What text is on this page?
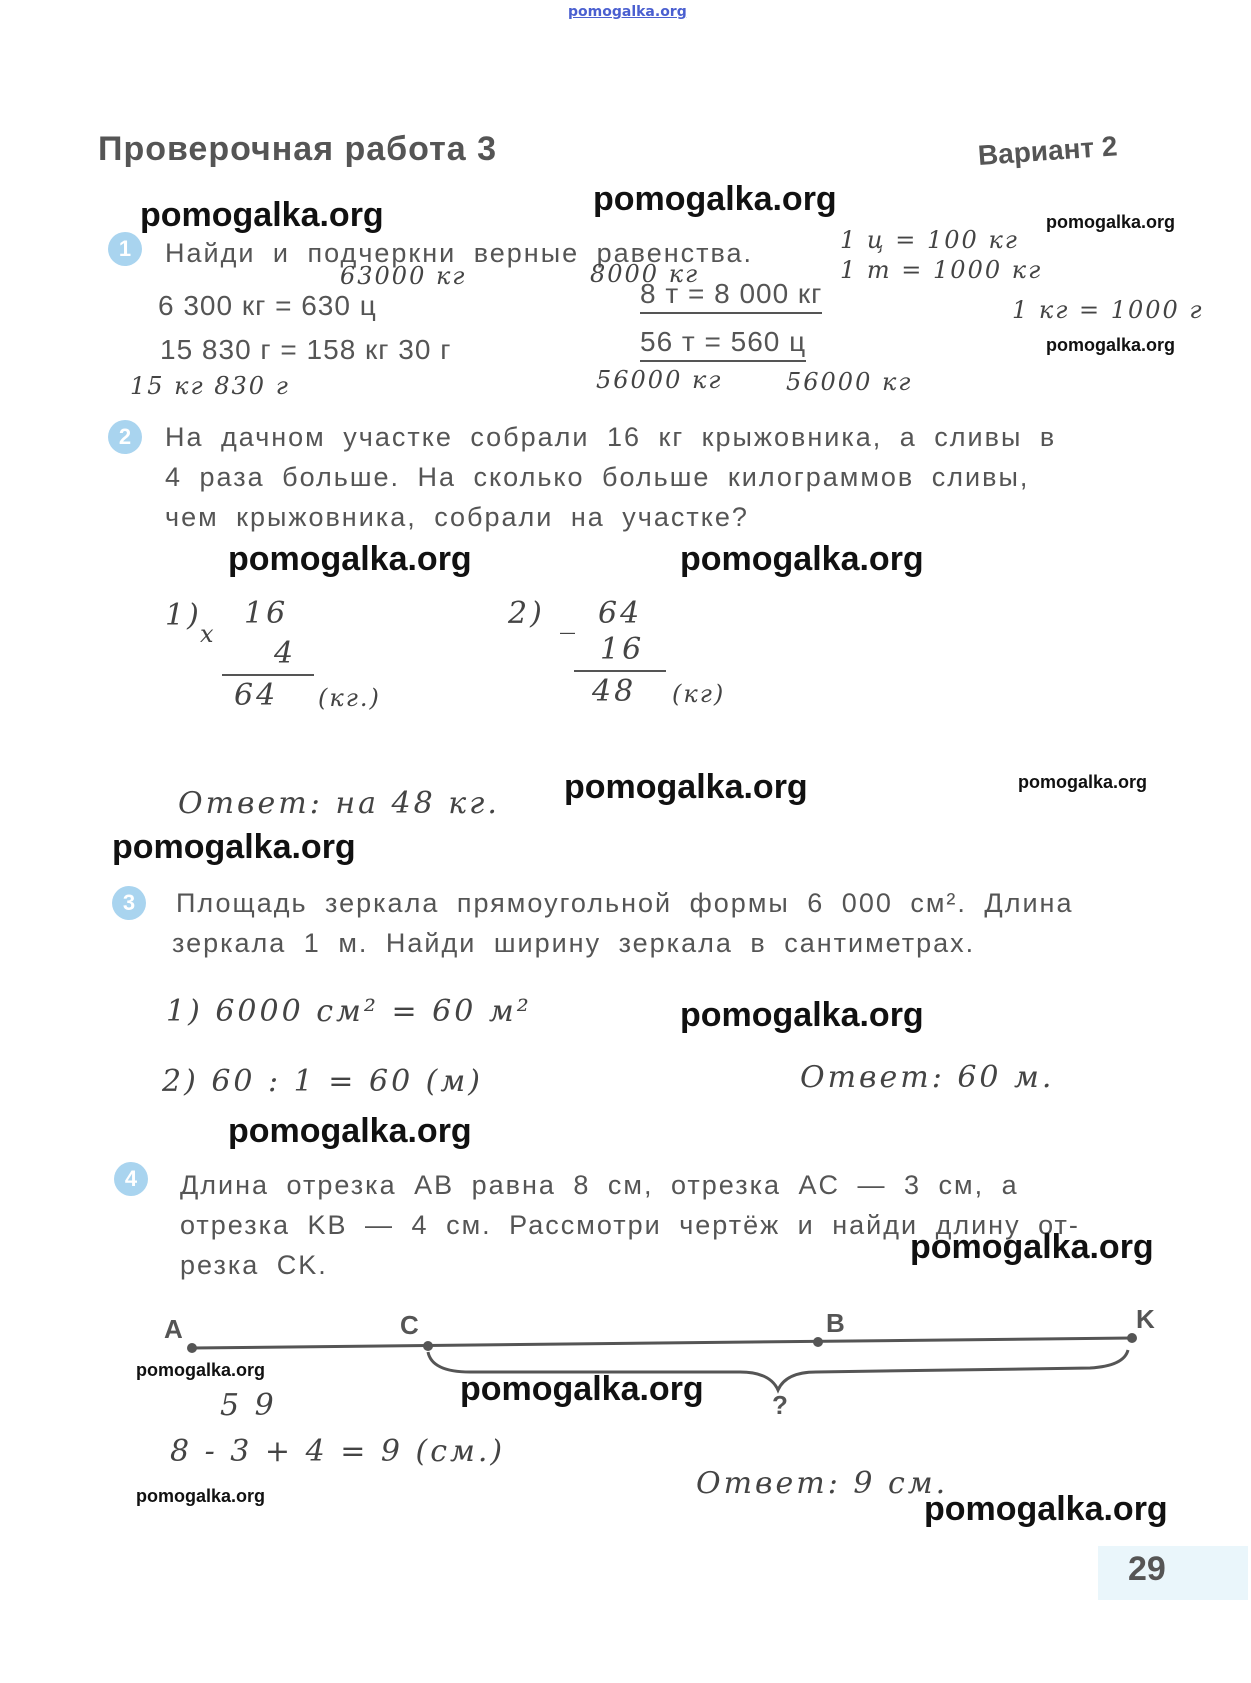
pomogalka.org
Проверочная работа 3	Вариант 2
pomogalka.org	pomogalka.org
pomogalka.org
1	Найди и подчеркни верные равенства.	1 ц = 100 кг
1 т = 1000 кг
63000 кг	8000 кг
6 300 кг = 630 ц	8 т = 8 000 кг
1 кг = 1000 г
15 830 г = 158 кг 30 г	56 т = 560 ц	pomogalka.org
15 кг 830 г	56000 кг	56000 кг
2	На дачном участке собрали 16 кг крыжовника, а сливы в
4 раза больше. На сколько больше килограммов сливы,
чем крыжовника, собрали на участке?
pomogalka.org	pomogalka.org
1)
x
16
4
64 (кг.)
2) _ 64
16
48 (кг)
Ответ: на 48 кг. pomogalka.org	pomogalka.org
pomogalka.org
3	Площадь зеркала прямоугольной формы 6 000 см². Длина
зеркала 1 м. Найди ширину зеркала в сантиметрах.
1) 6000 см² = 60 м²	pomogalka.org
2) 60 : 1 = 60 (м)	Ответ: 60 м.
pomogalka.org
4	Длина отрезка AB равна 8 см, отрезка AC — 3 см, а
отрезка KB — 4 см. Рассмотри чертёж и найди длину от-
резка CK.	pomogalka.org
A	C	B	K
?
pomogalka.org	pomogalka.org
5 9
8 - 3 + 4 = 9 (см.)
Ответ: 9 см.
pomogalka.org	pomogalka.org
29
